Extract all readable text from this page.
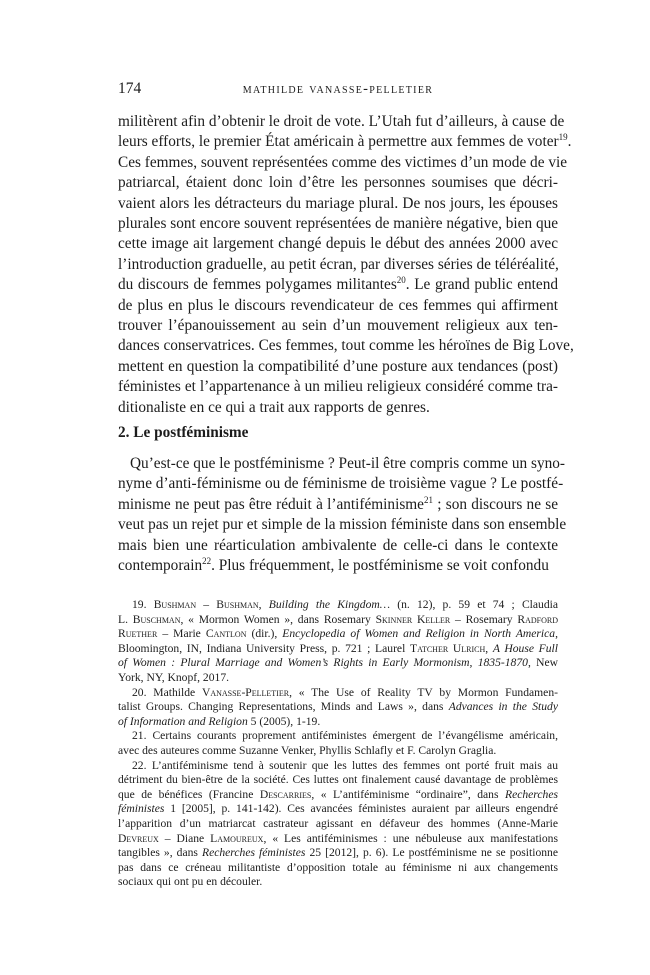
174	mathilde vanasse-pelletier
militèrent afin d’obtenir le droit de vote. L’Utah fut d’ailleurs, à cause de
leurs efforts, le premier État américain à permettre aux femmes de voter$^{19}$.
Ces femmes, souvent représentées comme des victimes d’un mode de vie
patriarcal, étaient donc loin d’être les personnes soumises que décri-
vaient alors les détracteurs du mariage plural. De nos jours, les épouses
plurales sont encore souvent représentées de manière négative, bien que
cette image ait largement changé depuis le début des années 2000 avec
l’introduction graduelle, au petit écran, par diverses séries de téléréalité,
du discours de femmes polygames militantes$^{20}$. Le grand public entend
de plus en plus le discours revendicateur de ces femmes qui affirment
trouver l’épanouissement au sein d’un mouvement religieux aux ten-
dances conservatrices. Ces femmes, tout comme les héroïnes de Big Love,
mettent en question la compatibilité d’une posture aux tendances (post)
féministes et l’appartenance à un milieu religieux considéré comme tra-
ditionaliste en ce qui a trait aux rapports de genres.
2. Le postféminisme
Qu’est-ce que le postféminisme ? Peut-il être compris comme un syno-
nyme d’anti-féminisme ou de féminisme de troisième vague ? Le postfé-
minisme ne peut pas être réduit à l’antiféminisme$^{21}$ ; son discours ne se
veut pas un rejet pur et simple de la mission féministe dans son ensemble
mais bien une réarticulation ambivalente de celle-ci dans le contexte
contemporain$^{22}$. Plus fréquemment, le postféminisme se voit confondu
19. Bushman – Bushman, Building the Kingdom… (n. 12), p. 59 et 74 ; Claudia
L. Buschman, « Mormon Women », dans Rosemary Skinner Keller – Rosemary Radford
Ruether – Marie Cantlon (dir.), Encyclopedia of Women and Religion in North America,
Bloomington, IN, Indiana University Press, p. 721 ; Laurel Tatcher Ulrich, A House Full
of Women : Plural Marriage and Women’s Rights in Early Mormonism, 1835-1870, New
York, NY, Knopf, 2017.
20. Mathilde Vanasse-Pelletier, « The Use of Reality TV by Mormon Fundamen-
talist Groups. Changing Representations, Minds and Laws », dans Advances in the Study
of Information and Religion 5 (2005), 1-19.
21. Certains courants proprement antiféministes émergent de l’évangélisme américain,
avec des auteures comme Suzanne Venker, Phyllis Schlafly et F. Carolyn Graglia.
22. L’antiféminisme tend à soutenir que les luttes des femmes ont porté fruit mais au
détriment du bien-être de la société. Ces luttes ont finalement causé davantage de problèmes
que de bénéfices (Francine Descarries, « L’antiféminisme “ordinaire”, dans Recherches
féministes 1 [2005], p. 141-142). Ces avancées féministes auraient par ailleurs engendré
l’apparition d’un matriarcat castrateur agissant en défaveur des hommes (Anne-Marie
Devreux – Diane Lamoureux, « Les antiféminismes : une nébuleuse aux manifestations
tangibles », dans Recherches féministes 25 [2012], p. 6). Le postféminisme ne se positionne
pas dans ce créneau militantiste d’opposition totale au féminisme ni aux changements
sociaux qui ont pu en découler.
